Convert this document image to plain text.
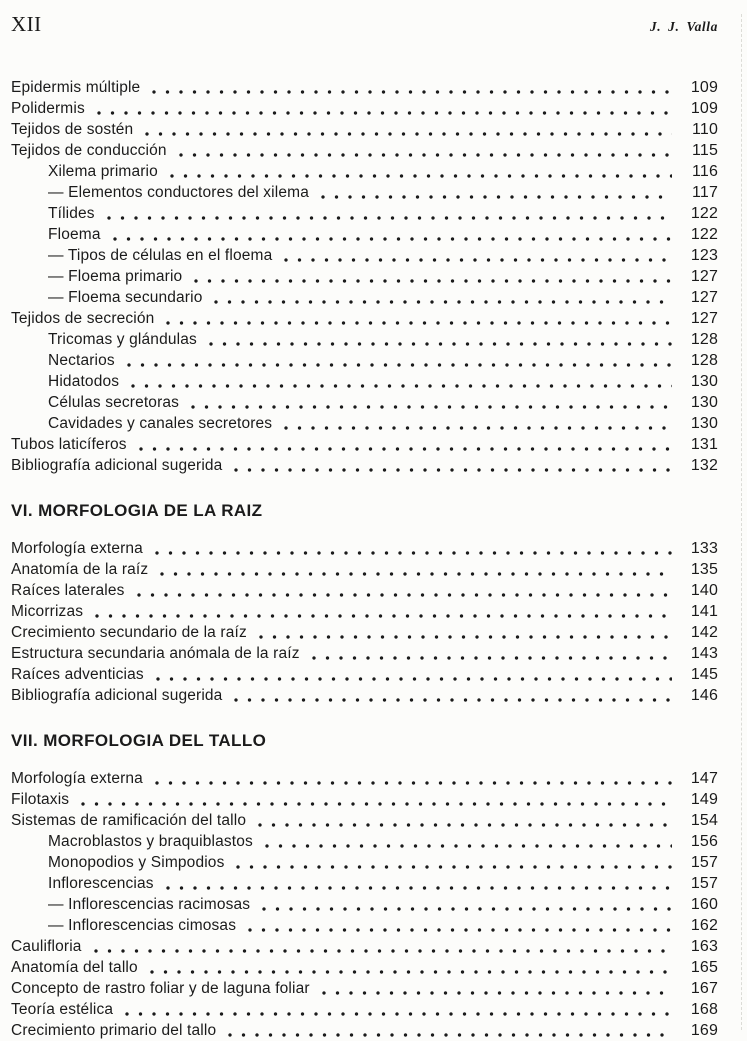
XII	J. J. Valla
Epidermis múltiple	109
Polidermis	109
Tejidos de sostén	110
Tejidos de conducción	115
Xilema primario	116
— Elementos conductores del xilema	117
Tílides	122
Floema	122
— Tipos de células en el floema	123
— Floema primario	127
— Floema secundario	127
Tejidos de secreción	127
Tricomas y glándulas	128
Nectarios	128
Hidatodos	130
Células secretoras	130
Cavidades y canales secretores	130
Tubos laticíferos	131
Bibliografía adicional sugerida	132
VI. MORFOLOGIA DE LA RAIZ
Morfología externa	133
Anatomía de la raíz	135
Raíces laterales	140
Micorrizas	141
Crecimiento secundario de la raíz	142
Estructura secundaria anómala de la raíz	143
Raíces adventicias	145
Bibliografía adicional sugerida	146
VII. MORFOLOGIA DEL TALLO
Morfología externa	147
Filotaxis	149
Sistemas de ramificación del tallo	154
Macroblastos y braquiblastos	156
Monopodios y Simpodios	157
Inflorescencias	157
— Inflorescencias racimosas	160
— Inflorescencias cimosas	162
Caulifloria	163
Anatomía del tallo	165
Concepto de rastro foliar y de laguna foliar	167
Teoría estélica	168
Crecimiento primario del tallo	169
